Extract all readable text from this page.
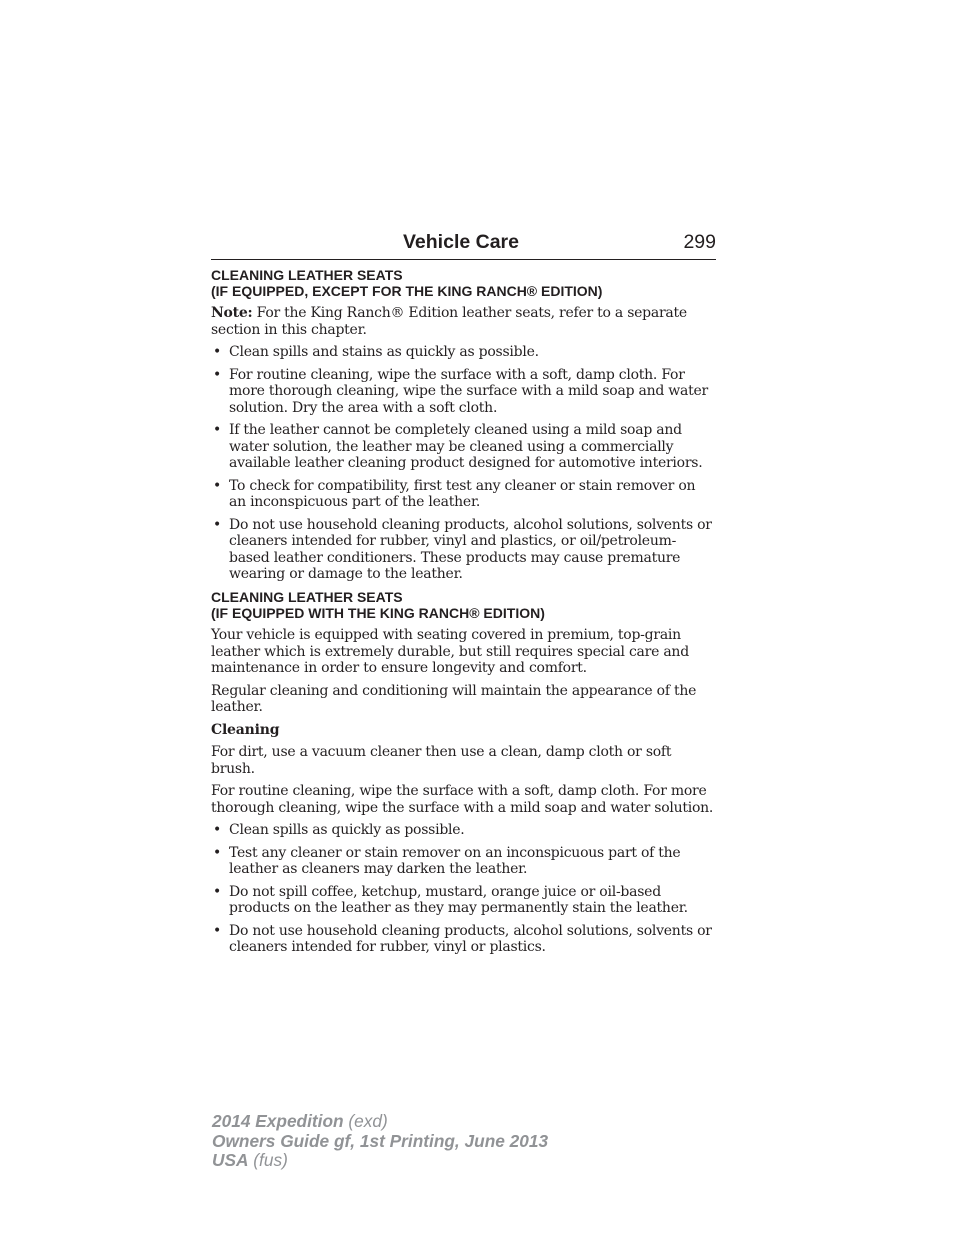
Vehicle Care	299
CLEANING LEATHER SEATS
(IF EQUIPPED, EXCEPT FOR THE KING RANCH® EDITION)

Note: For the King Ranch® Edition leather seats, refer to a separate section in this chapter.

• Clean spills and stains as quickly as possible.
• For routine cleaning, wipe the surface with a soft, damp cloth. For more thorough cleaning, wipe the surface with a mild soap and water solution. Dry the area with a soft cloth.
• If the leather cannot be completely cleaned using a mild soap and water solution, the leather may be cleaned using a commercially available leather cleaning product designed for automotive interiors.
• To check for compatibility, first test any cleaner or stain remover on an inconspicuous part of the leather.
• Do not use household cleaning products, alcohol solutions, solvents or cleaners intended for rubber, vinyl and plastics, or oil/petroleum-based leather conditioners. These products may cause premature wearing or damage to the leather.
CLEANING LEATHER SEATS
(IF EQUIPPED WITH THE KING RANCH® EDITION)

Your vehicle is equipped with seating covered in premium, top-grain leather which is extremely durable, but still requires special care and maintenance in order to ensure longevity and comfort.

Regular cleaning and conditioning will maintain the appearance of the leather.

Cleaning

For dirt, use a vacuum cleaner then use a clean, damp cloth or soft brush.

For routine cleaning, wipe the surface with a soft, damp cloth. For more thorough cleaning, wipe the surface with a mild soap and water solution.

• Clean spills as quickly as possible.
• Test any cleaner or stain remover on an inconspicuous part of the leather as cleaners may darken the leather.
• Do not spill coffee, ketchup, mustard, orange juice or oil-based products on the leather as they may permanently stain the leather.
• Do not use household cleaning products, alcohol solutions, solvents or cleaners intended for rubber, vinyl or plastics.
2014 Expedition (exd)
Owners Guide gf, 1st Printing, June 2013
USA (fus)
